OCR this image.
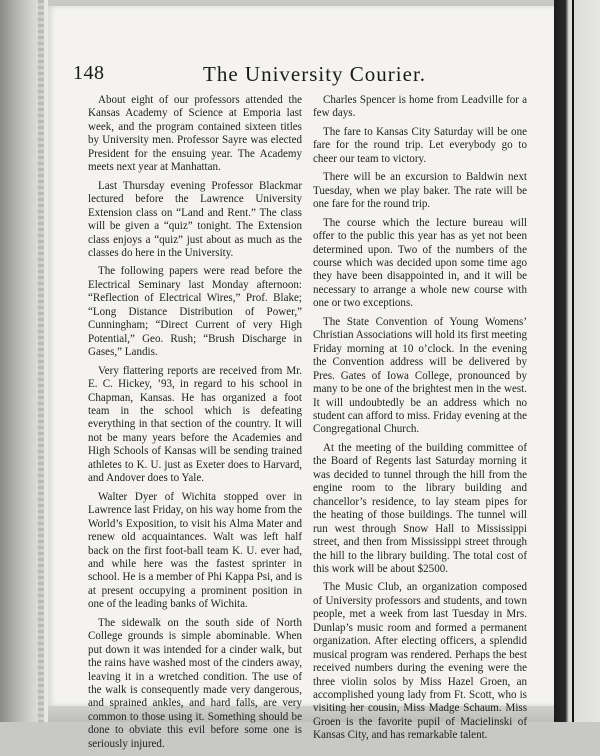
148	The University Courier.

About eight of our professors attended the Kansas Academy of Science at Emporia last week, and the program contained sixteen titles by University men. Professor Sayre was elected President for the ensuing year. The Academy meets next year at Manhattan.

Last Thursday evening Professor Blackmar lectured before the Lawrence University Extension class on “Land and Rent.” The class will be given a “quiz” tonight. The Extension class enjoys a “quiz” just about as much as the classes do here in the University.

The following papers were read before the Electrical Seminary last Monday afternoon: “Reflection of Electrical Wires,” Prof. Blake; “Long Distance Distribution of Power,” Cunningham; “Direct Current of very High Potential,” Geo. Rush; “Brush Discharge in Gases,” Landis.

Very flattering reports are received from Mr. E. C. Hickey, ’93, in regard to his school in Chapman, Kansas. He has organized a foot team in the school which is defeating everything in that section of the country. It will not be many years before the Academies and High Schools of Kansas will be sending trained athletes to K. U. just as Exeter does to Harvard, and Andover does to Yale.

Walter Dyer of Wichita stopped over in Lawrence last Friday, on his way home from the World’s Exposition, to visit his Alma Mater and renew old acquaintances. Walt was left half back on the first foot-ball team K. U. ever had, and while here was the fastest sprinter in school. He is a member of Phi Kappa Psi, and is at present occupying a prominent position in one of the leading banks of Wichita.

The sidewalk on the south side of North College grounds is simple abominable. When put down it was intended for a cinder walk, but the rains have washed most of the cinders away, leaving it in a wretched condition. The use of the walk is consequently made very dangerous, and sprained ankles, and hard falls, are very common to those using it. Something should be done to obviate this evil before some one is seriously injured.

Charles Spencer is home from Leadville for a few days.

The fare to Kansas City Saturday will be one fare for the round trip. Let everybody go to cheer our team to victory.

There will be an excursion to Baldwin next Tuesday, when we play baker. The rate will be one fare for the round trip.

The course which the lecture bureau will offer to the public this year has as yet not been determined upon. Two of the numbers of the course which was decided upon some time ago they have been disappointed in, and it will be necessary to arrange a whole new course with one or two exceptions.

The State Convention of Young Womens’ Christian Associations will hold its first meeting Friday morning at 10 o’clock. In the evening the Convention address will be delivered by Pres. Gates of Iowa College, pronounced by many to be one of the brightest men in the west. It will undoubtedly be an address which no student can afford to miss. Friday evening at the Congregational Church.

At the meeting of the building committee of the Board of Regents last Saturday morning it was decided to tunnel through the hill from the engine room to the library building and chancellor’s residence, to lay steam pipes for the heating of those buildings. The tunnel will run west through Snow Hall to Mississippi street, and then from Mississippi street through the hill to the library building. The total cost of this work will be about $2500.

The Music Club, an organization composed of University professors and students, and town people, met a week from last Tuesday in Mrs. Dunlap’s music room and formed a permanent organization. After electing officers, a splendid musical program was rendered. Perhaps the best received numbers during the evening were the three violin solos by Miss Hazel Groen, an accomplished young lady from Ft. Scott, who is visiting her cousin, Miss Madge Schaum. Miss Groen is the favorite pupil of Macielinski of Kansas City, and has remarkable talent.
